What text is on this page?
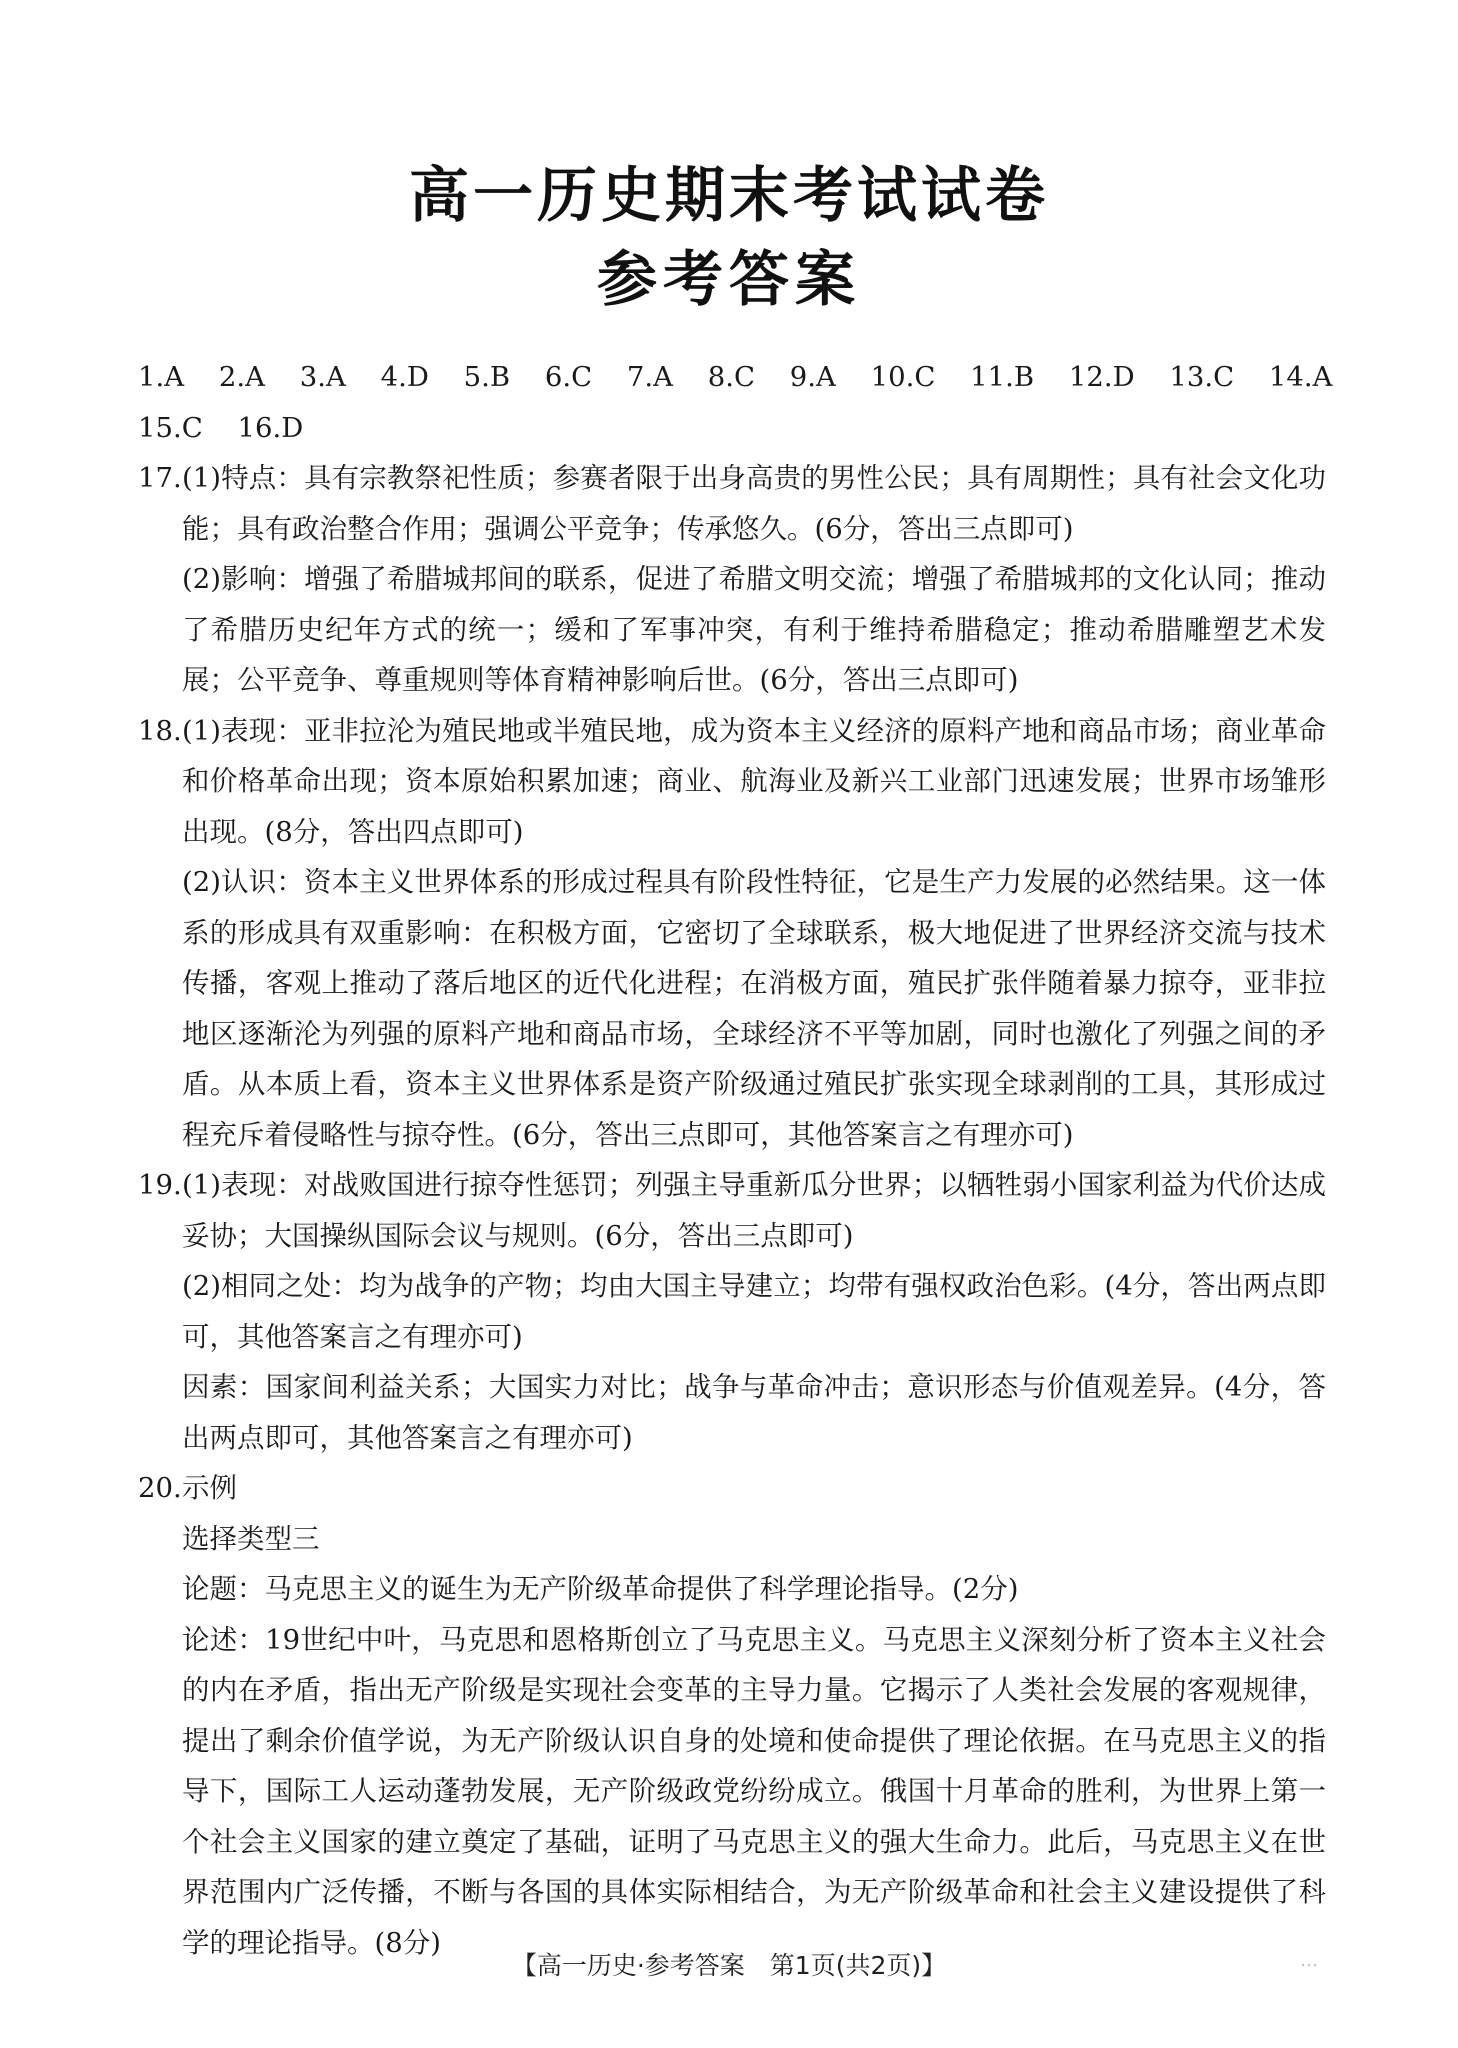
高一历史期末考试试卷
参考答案
1.A 2.A 3.A 4.D 5.B 6.C 7.A 8.C 9.A 10.C 11.B 12.D 13.C 14.A
15.C 16.D
17. (1)特点：具有宗教祭祀性质；参赛者限于出身高贵的男性公民；具有周期性；具有社会文化功能；具有政治整合作用；强调公平竞争；传承悠久。(6分，答出三点即可)
(2)影响：增强了希腊城邦间的联系，促进了希腊文明交流；增强了希腊城邦的文化认同；推动了希腊历史纪年方式的统一；缓和了军事冲突，有利于维持希腊稳定；推动希腊雕塑艺术发展；公平竞争、尊重规则等体育精神影响后世。(6分，答出三点即可)
18. (1)表现：亚非拉沦为殖民地或半殖民地，成为资本主义经济的原料产地和商品市场；商业革命和价格革命出现；资本原始积累加速；商业、航海业及新兴工业部门迅速发展；世界市场雏形出现。(8分，答出四点即可)
(2)认识：资本主义世界体系的形成过程具有阶段性特征，它是生产力发展的必然结果。这一体系的形成具有双重影响：在积极方面，它密切了全球联系，极大地促进了世界经济交流与技术传播，客观上推动了落后地区的近代化进程；在消极方面，殖民扩张伴随着暴力掠夺，亚非拉地区逐渐沦为列强的原料产地和商品市场，全球经济不平等加剧，同时也激化了列强之间的矛盾。从本质上看，资本主义世界体系是资产阶级通过殖民扩张实现全球剥削的工具，其形成过程充斥着侵略性与掠夺性。(6分，答出三点即可，其他答案言之有理亦可)
19. (1)表现：对战败国进行掠夺性惩罚；列强主导重新瓜分世界；以牺牲弱小国家利益为代价达成妥协；大国操纵国际会议与规则。(6分，答出三点即可)
(2)相同之处：均为战争的产物；均由大国主导建立；均带有强权政治色彩。(4分，答出两点即可，其他答案言之有理亦可)
因素：国家间利益关系；大国实力对比；战争与革命冲击；意识形态与价值观差异。(4分，答出两点即可，其他答案言之有理亦可)
20. 示例
选择类型三
论题：马克思主义的诞生为无产阶级革命提供了科学理论指导。(2分)
论述：19世纪中叶，马克思和恩格斯创立了马克思主义。马克思主义深刻分析了资本主义社会的内在矛盾，指出无产阶级是实现社会变革的主导力量。它揭示了人类社会发展的客观规律，提出了剩余价值学说，为无产阶级认识自身的处境和使命提供了理论依据。在马克思主义的指导下，国际工人运动蓬勃发展，无产阶级政党纷纷成立。俄国十月革命的胜利，为世界上第一个社会主义国家的建立奠定了基础，证明了马克思主义的强大生命力。此后，马克思主义在世界范围内广泛传播，不断与各国的具体实际相结合，为无产阶级革命和社会主义建设提供了科学的理论指导。(8分)
【高一历史·参考答案　第1页(共2页)】	…
